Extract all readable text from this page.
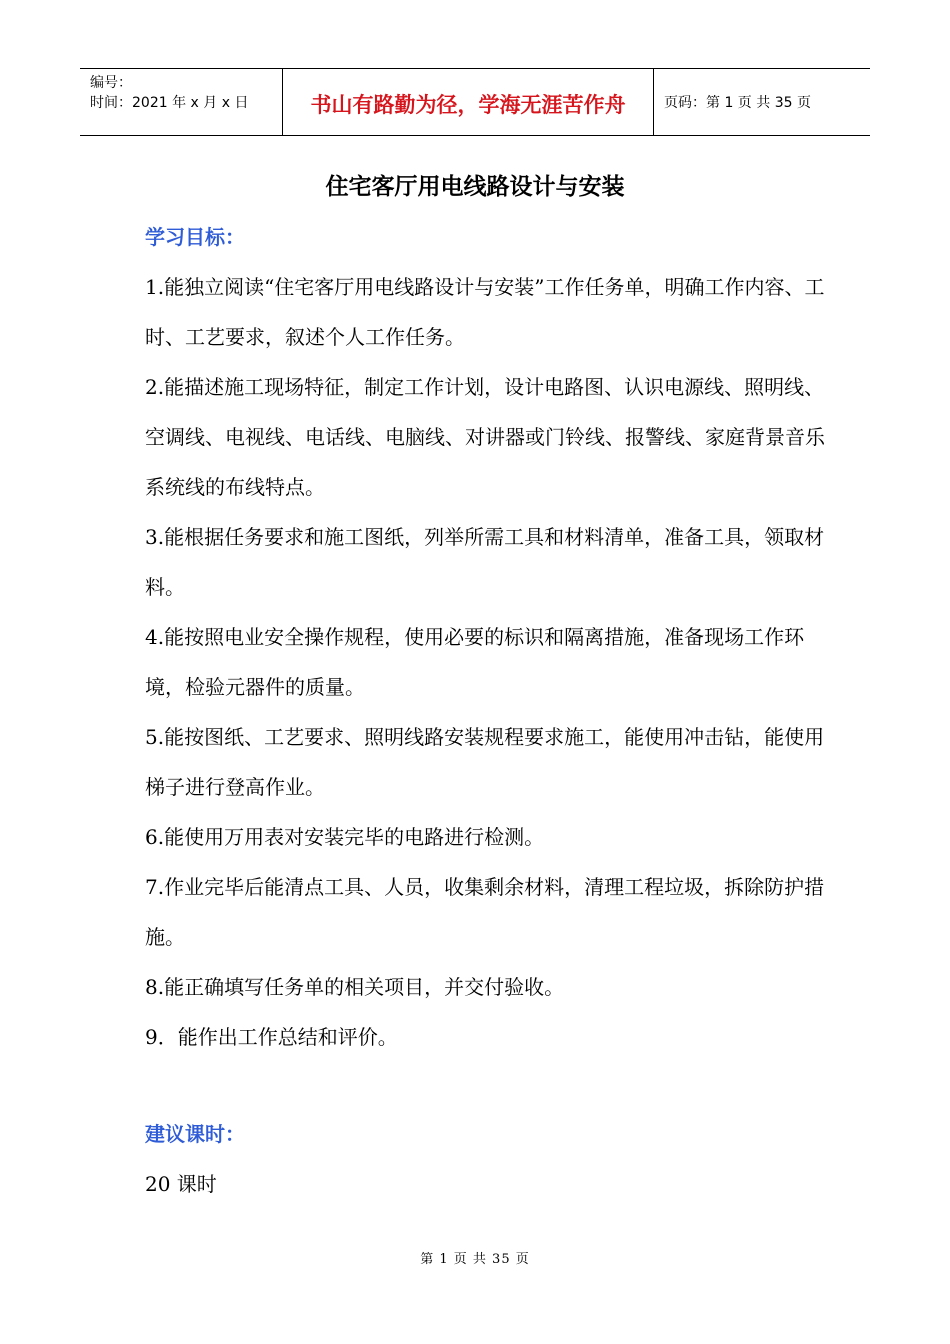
编号：
时间：2021 年 x 月 x 日	书山有路勤为径，学海无涯苦作舟	页码：第 1 页 共 35 页
住宅客厅用电线路设计与安装
学习目标：

1.能独立阅读“住宅客厅用电线路设计与安装”工作任务单，明确工作内容、工时、工艺要求，叙述个人工作任务。

2.能描述施工现场特征，制定工作计划，设计电路图、认识电源线、照明线、空调线、电视线、电话线、电脑线、对讲器或门铃线、报警线、家庭背景音乐系统线的布线特点。

3.能根据任务要求和施工图纸，列举所需工具和材料清单，准备工具，领取材料。

4.能按照电业安全操作规程，使用必要的标识和隔离措施，准备现场工作环境，检验元器件的质量。

5.能按图纸、工艺要求、照明线路安装规程要求施工，能使用冲击钻，能使用梯子进行登高作业。

6.能使用万用表对安装完毕的电路进行检测。

7.作业完毕后能清点工具、人员，收集剩余材料，清理工程垃圾，拆除防护措施。

8.能正确填写任务单的相关项目，并交付验收。

9．能作出工作总结和评价。

建议课时：
20 课时
第 1 页 共 35 页
